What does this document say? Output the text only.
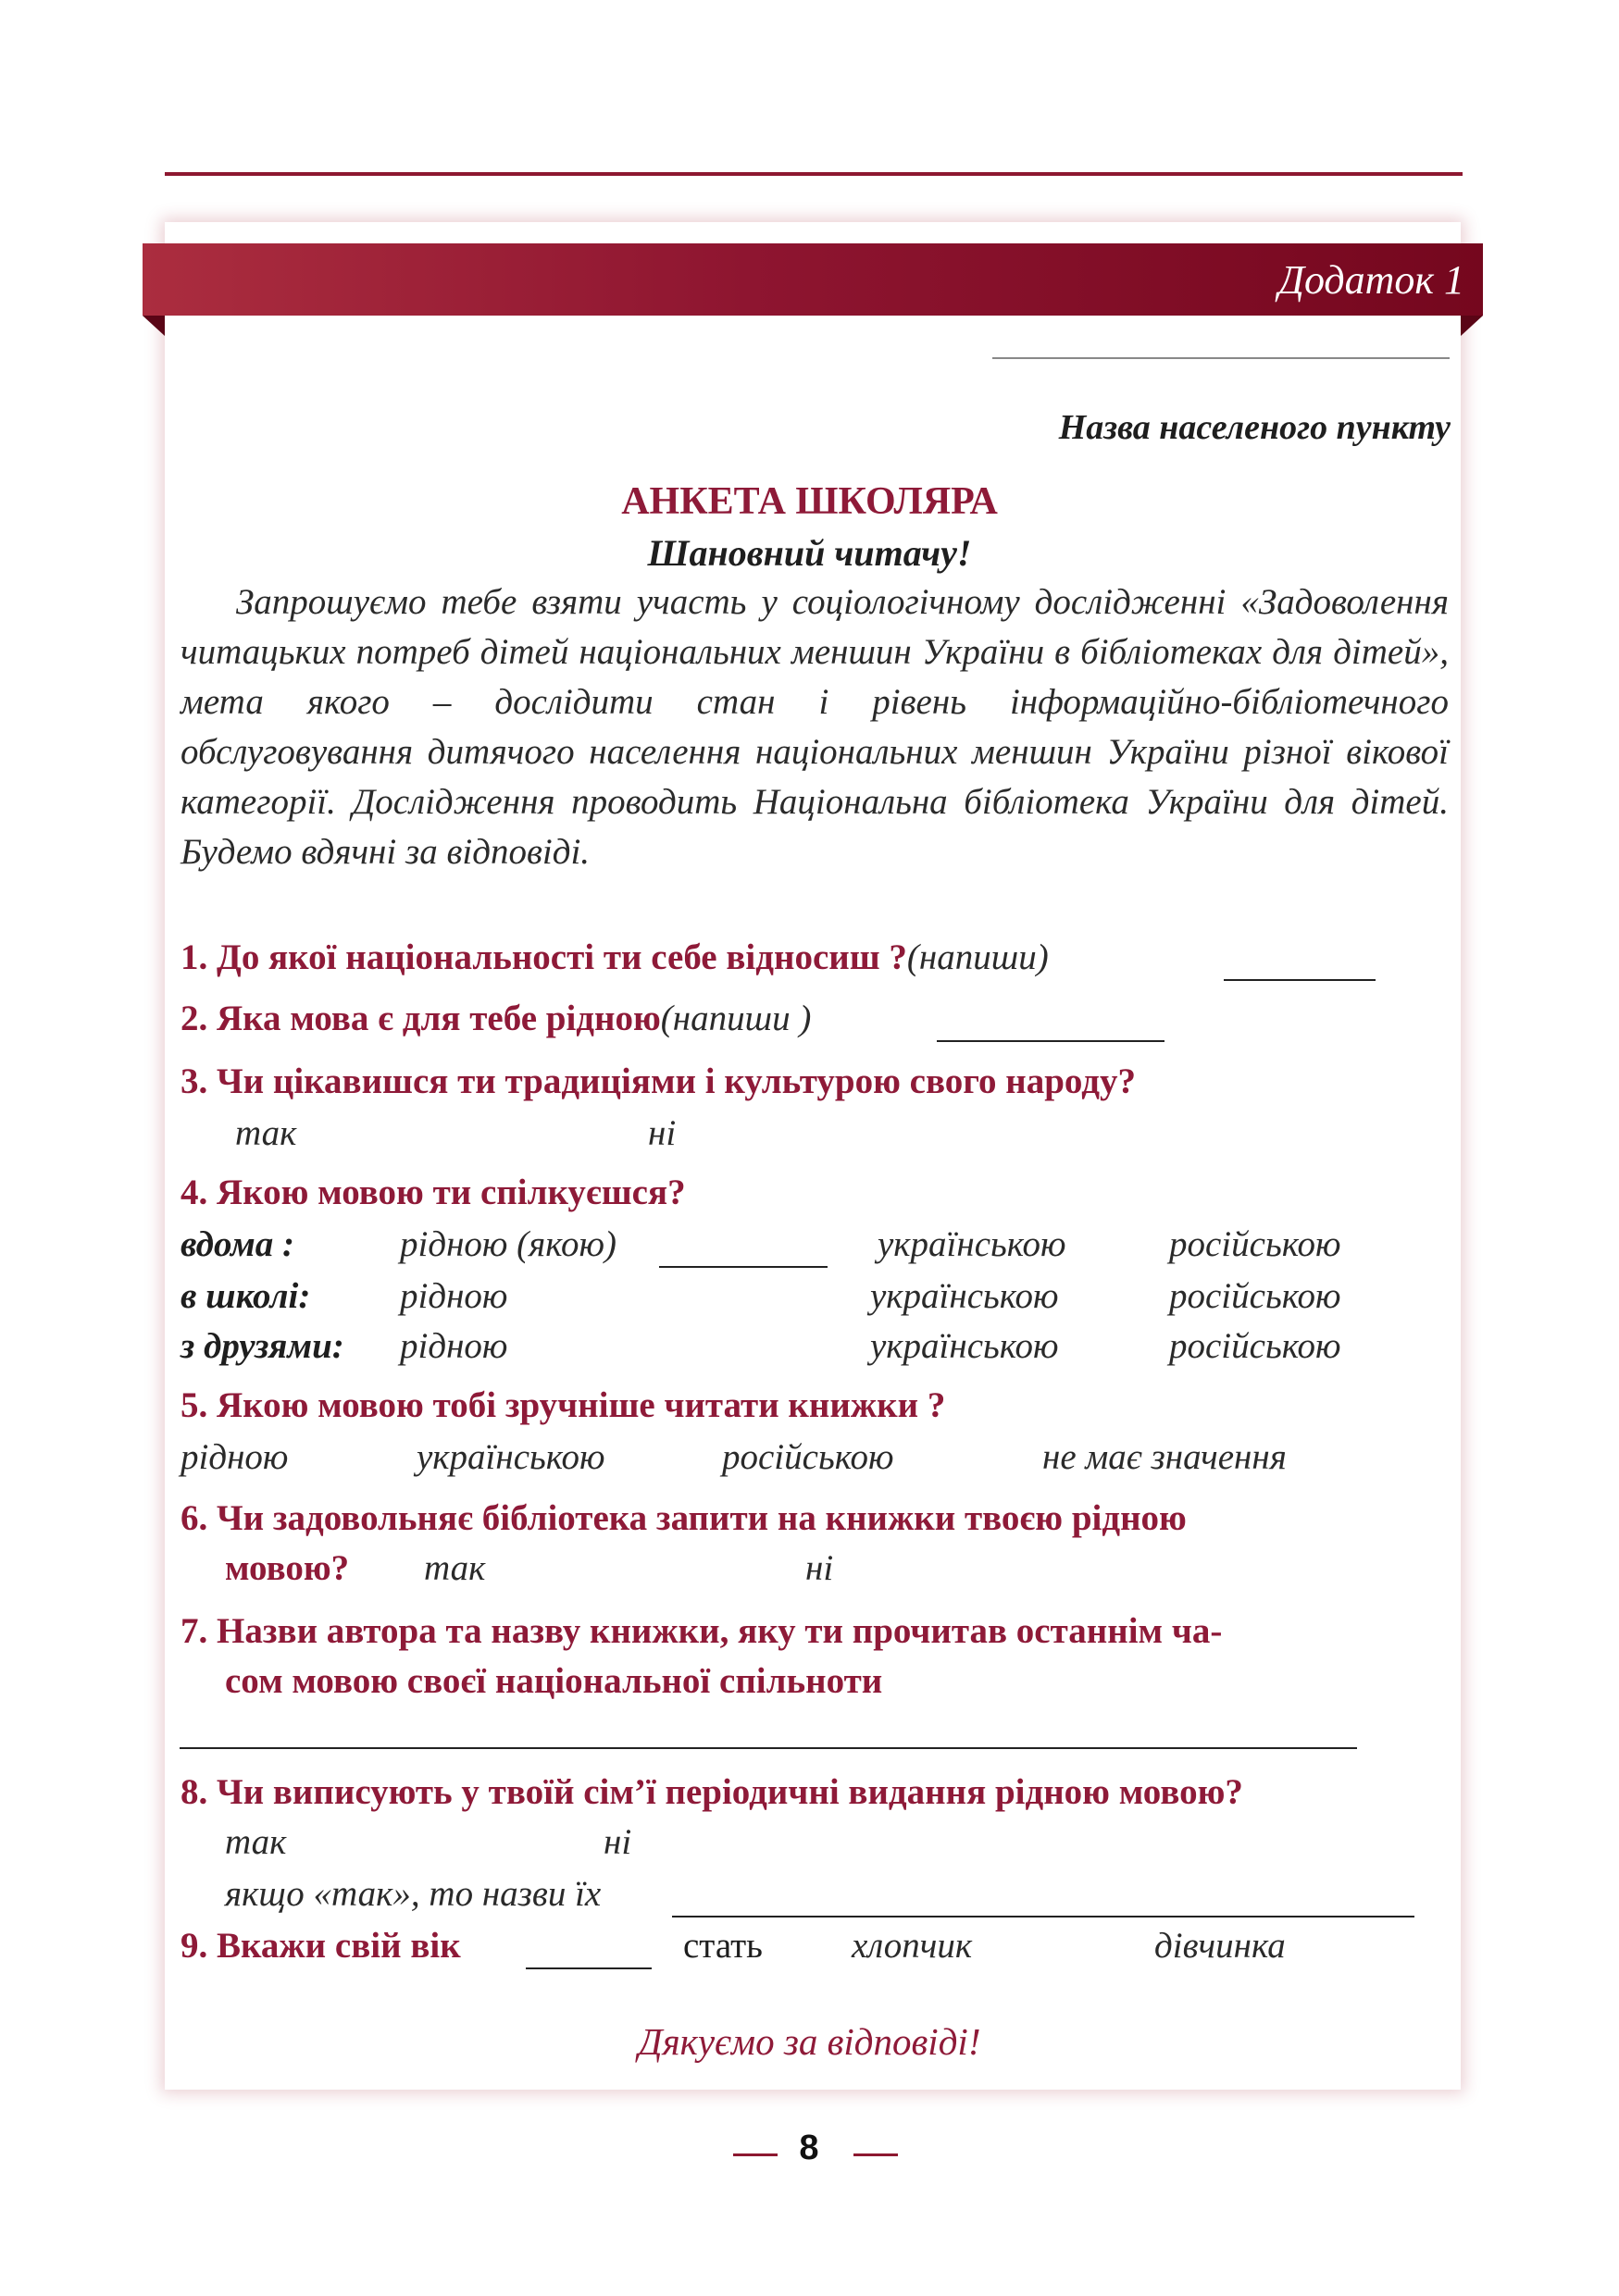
Додаток 1
Назва населеного пункту
АНКЕТА ШКОЛЯРА
Шановний читачу!

Запрошуємо тебе взяти участь у соціологічному дослідженні «Задоволення читацьких потреб дітей національних меншин України в бібліотеках для дітей», мета якого – дослідити стан і рівень інформаційно-бібліотечного обслуговування дитячого населення національних меншин України різної вікової категорії. Дослідження проводить Національна бібліотека України для дітей. Будемо вдячні за відповіді.

1. До якої національності ти себе відносиш ?(напиши)
2. Яка мова є для тебе рідною(напиши )
3. Чи цікавишся ти традиціями і культурою свого народу?
так	ні
4. Якою мовою ти спілкуєшся?
вдома :	рідною (якою)	українською	російською
в школі: рідною	українською	російською
з друзями: рідною	українською	російською
5. Якою мовою тобі зручніше читати книжки ?
рідною	українською	російською	не має значення
6. Чи задовольняє бібліотека запити на книжки твоєю рідною
мовою? так	ні
7. Назви автора та назву книжки, яку ти прочитав останнім ча-
сом мовою своєї національної спільноти
8. Чи виписують у твоїй сім’ї періодичні видання рідною мовою?
так	ні
якщо «так», то назви їх
9. Вкажи свій вік	стать хлопчик	дівчинка
Дякуємо за відповіді!
8
